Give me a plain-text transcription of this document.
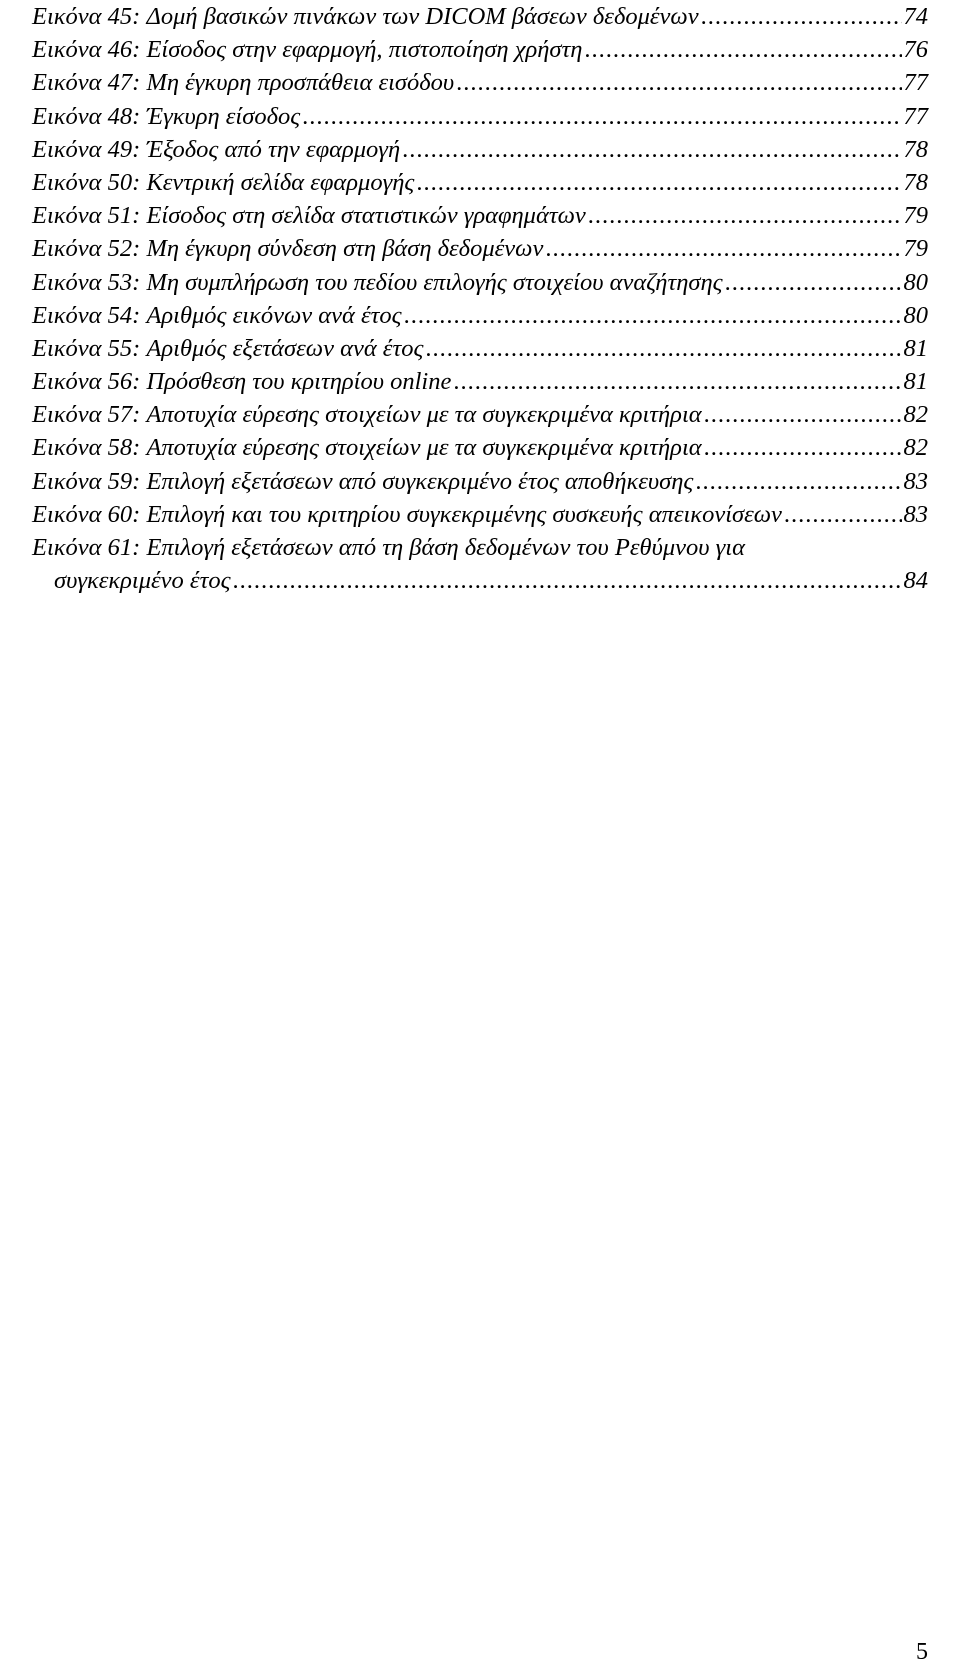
Εικόνα 45: Δομή βασικών πινάκων των DICOM βάσεων δεδομένων .....	74
Εικόνα 46: Είσοδος στην εφαρμογή, πιστοποίηση χρήστη .....	76
Εικόνα 47: Μη έγκυρη προσπάθεια εισόδου .....	77
Εικόνα 48: Έγκυρη είσοδος .....	77
Εικόνα 49: Έξοδος από την εφαρμογή .....	78
Εικόνα 50: Κεντρική σελίδα εφαρμογής .....	78
Εικόνα 51: Είσοδος στη σελίδα στατιστικών γραφημάτων .....	79
Εικόνα 52: Μη έγκυρη σύνδεση στη βάση δεδομένων .....	79
Εικόνα 53: Μη συμπλήρωση του πεδίου επιλογής στοιχείου αναζήτησης .....	80
Εικόνα 54: Αριθμός εικόνων ανά έτος .....	80
Εικόνα 55: Αριθμός εξετάσεων ανά έτος .....	81
Εικόνα 56: Πρόσθεση του κριτηρίου online .....	81
Εικόνα 57: Αποτυχία εύρεσης στοιχείων με τα συγκεκριμένα κριτήρια .....	82
Εικόνα 58: Αποτυχία εύρεσης στοιχείων με τα συγκεκριμένα κριτήρια .....	82
Εικόνα 59: Επιλογή εξετάσεων από συγκεκριμένο έτος αποθήκευσης .....	83
Εικόνα 60: Επιλογή και του κριτηρίου συγκεκριμένης συσκευής απεικονίσεων .....	83
Εικόνα 61: Επιλογή εξετάσεων από τη βάση δεδομένων του Ρεθύμνου για
συγκεκριμένο έτος .....	84
5
